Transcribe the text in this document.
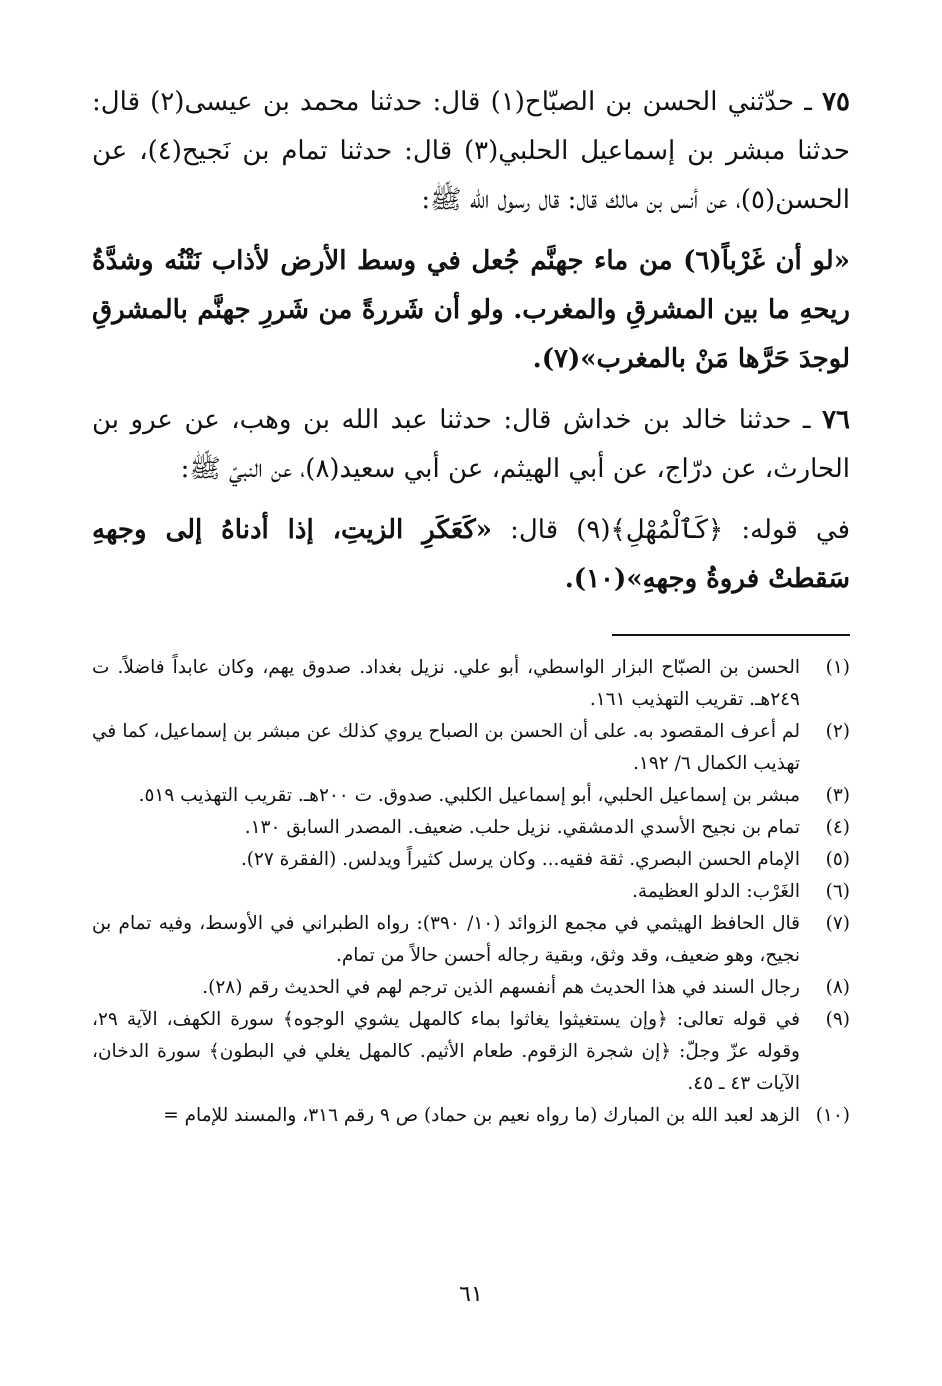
٧٥ ـ حدّثني الحسن بن الصبّاح(١) قال: حدثنا محمد بن عيسى(٢) قال: حدثنا مبشر بن إسماعيل الحلبي(٣) قال: حدثنا تمام بن نَجيح(٤)، عن الحسن(٥)، عن أنس بن مالك قال: قال رسول الله ﷺ:

«لو أن غَرْباً(٦) من ماء جهنَّم جُعل في وسط الأرض لأذاب نَتْنُه وشدَّةُ ريحهِ ما بين المشرقِ والمغرب. ولو أن شَررةً من شَررِ جهنَّم بالمشرقِ لوجدَ حَرَّها مَنْ بالمغرب»(٧).

٧٦ ـ حدثنا خالد بن خداش قال: حدثنا عبد الله بن وهب، عن عرو بن الحارث، عن درّاج، عن أبي الهيثم، عن أبي سعيد(٨)، عن النبيّ ﷺ:

في قوله: ﴿كَٱلْمُهْلِ﴾(٩) قال: «كَعَكَرِ الزيتِ، إذا أدناهُ إلى وجههِ سَقطتْ فروةُ وجههِ»(١٠).

(١)
الحسن بن الصبّاح البزار الواسطي، أبو علي. نزيل بغداد. صدوق يهم، وكان عابداً فاضلاً. ت ٢٤٩هـ. تقريب التهذيب ١٦١.
(٢)
لم أعرف المقصود به. على أن الحسن بن الصباح يروي كذلك عن مبشر بن إسماعيل، كما في تهذيب الكمال ٦/ ١٩٢.
(٣)
مبشر بن إسماعيل الحلبي، أبو إسماعيل الكلبي. صدوق. ت ٢٠٠هـ. تقريب التهذيب ٥١٩.
(٤)
تمام بن نجيح الأسدي الدمشقي. نزيل حلب. ضعيف. المصدر السابق ١٣٠.
(٥)
الإمام الحسن البصري. ثقة فقيه... وكان يرسل كثيراً ويدلس. (الفقرة ٢٧).
(٦)
الغَرْب: الدلو العظيمة.
(٧)
قال الحافظ الهيثمي في مجمع الزوائد (١٠/ ٣٩٠): رواه الطبراني في الأوسط، وفيه تمام بن نجيح، وهو ضعيف، وقد وثق، وبقية رجاله أحسن حالاً من تمام.
(٨)
رجال السند في هذا الحديث هم أنفسهم الذين ترجم لهم في الحديث رقم (٢٨).
(٩)
في قوله تعالى: ﴿وإن يستغيثوا يغاثوا بماء كالمهل يشوي الوجوه﴾ سورة الكهف، الآية ٢٩، وقوله عزّ وجلّ: ﴿إن شجرة الزقوم. طعام الأثيم. كالمهل يغلي في البطون﴾ سورة الدخان، الآيات ٤٣ ـ ٤٥.
(١٠)
الزهد لعبد الله بن المبارك (ما رواه نعيم بن حماد) ص ٩ رقم ٣١٦، والمسند للإمام =
٦١
